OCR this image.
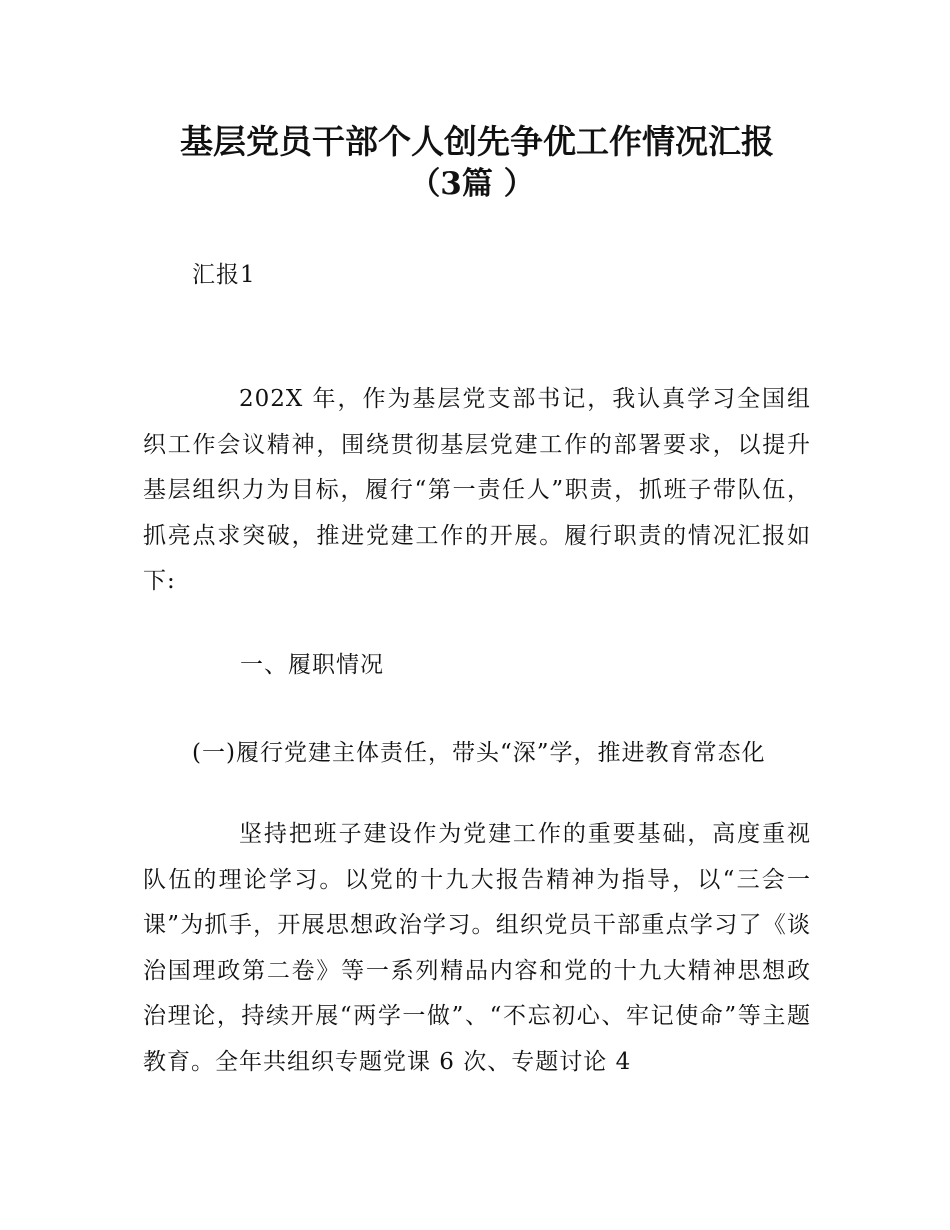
基层党员干部个人创先争优工作情况汇报
（3篇 ）
汇报1
202X 年，作为基层党支部书记，我认真学习全国组织工作会议精神，围绕贯彻基层党建工作的部署要求，以提升基层组织力为目标，履行“第一责任人”职责，抓班子带队伍，抓亮点求突破，推进党建工作的开展。履行职责的情况汇报如下:
一、履职情况
(一)履行党建主体责任，带头“深”学，推进教育常态化
坚持把班子建设作为党建工作的重要基础，高度重视队伍的理论学习。以党的十九大报告精神为指导，以“三会一课”为抓手，开展思想政治学习。组织党员干部重点学习了《谈治国理政第二卷》等一系列精品内容和党的十九大精神思想政治理论，持续开展“两学一做”、“不忘初心、牢记使命”等主题教育。全年共组织专题党课 6 次、专题讨论 4
